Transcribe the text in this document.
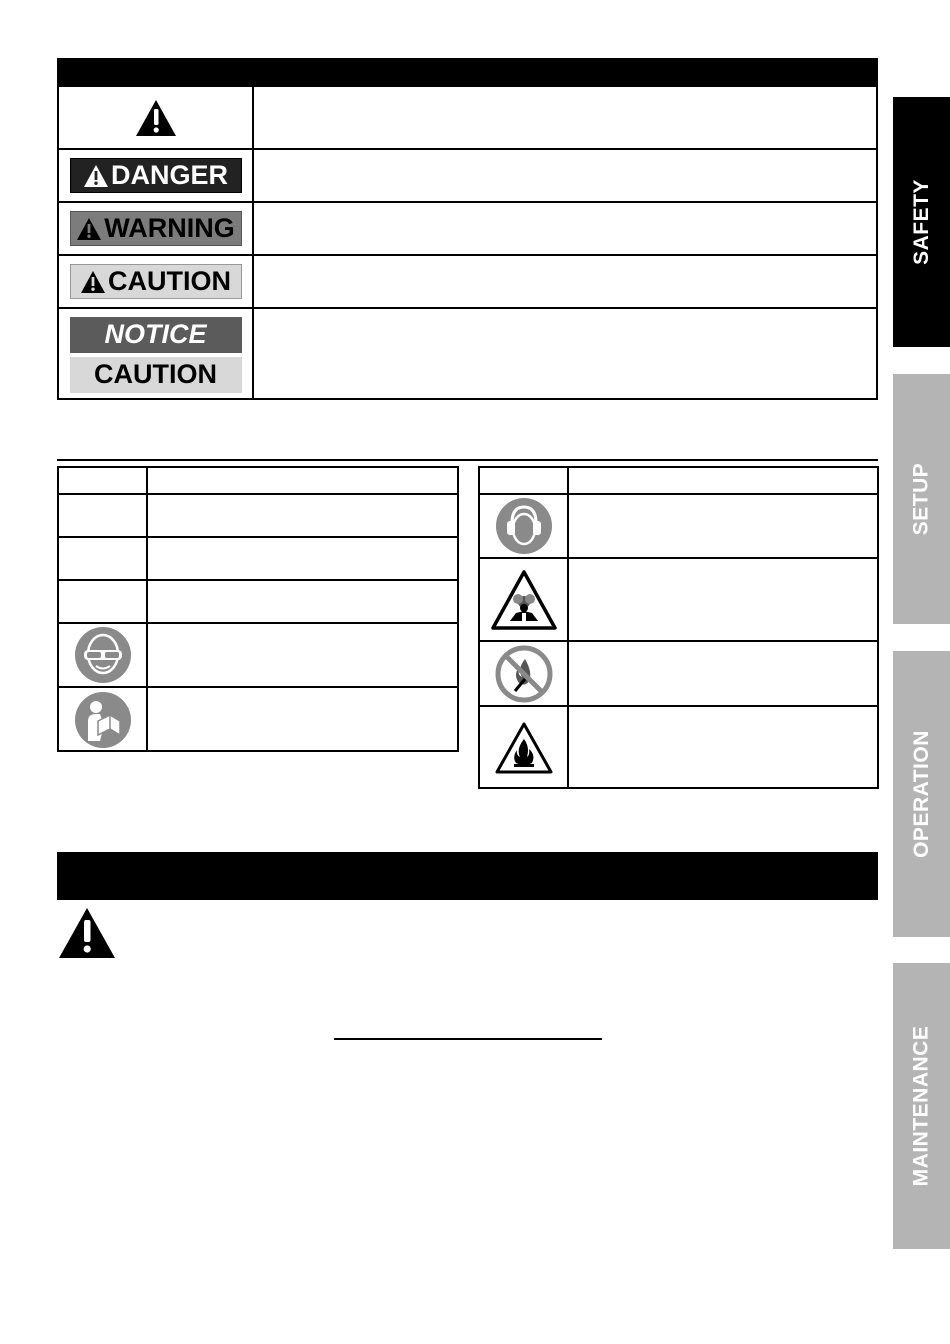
DANGER
WARNING
CAUTION
NOTICE
CAUTION
SAFETY
SETUP
OPERATION
MAINTENANCE
